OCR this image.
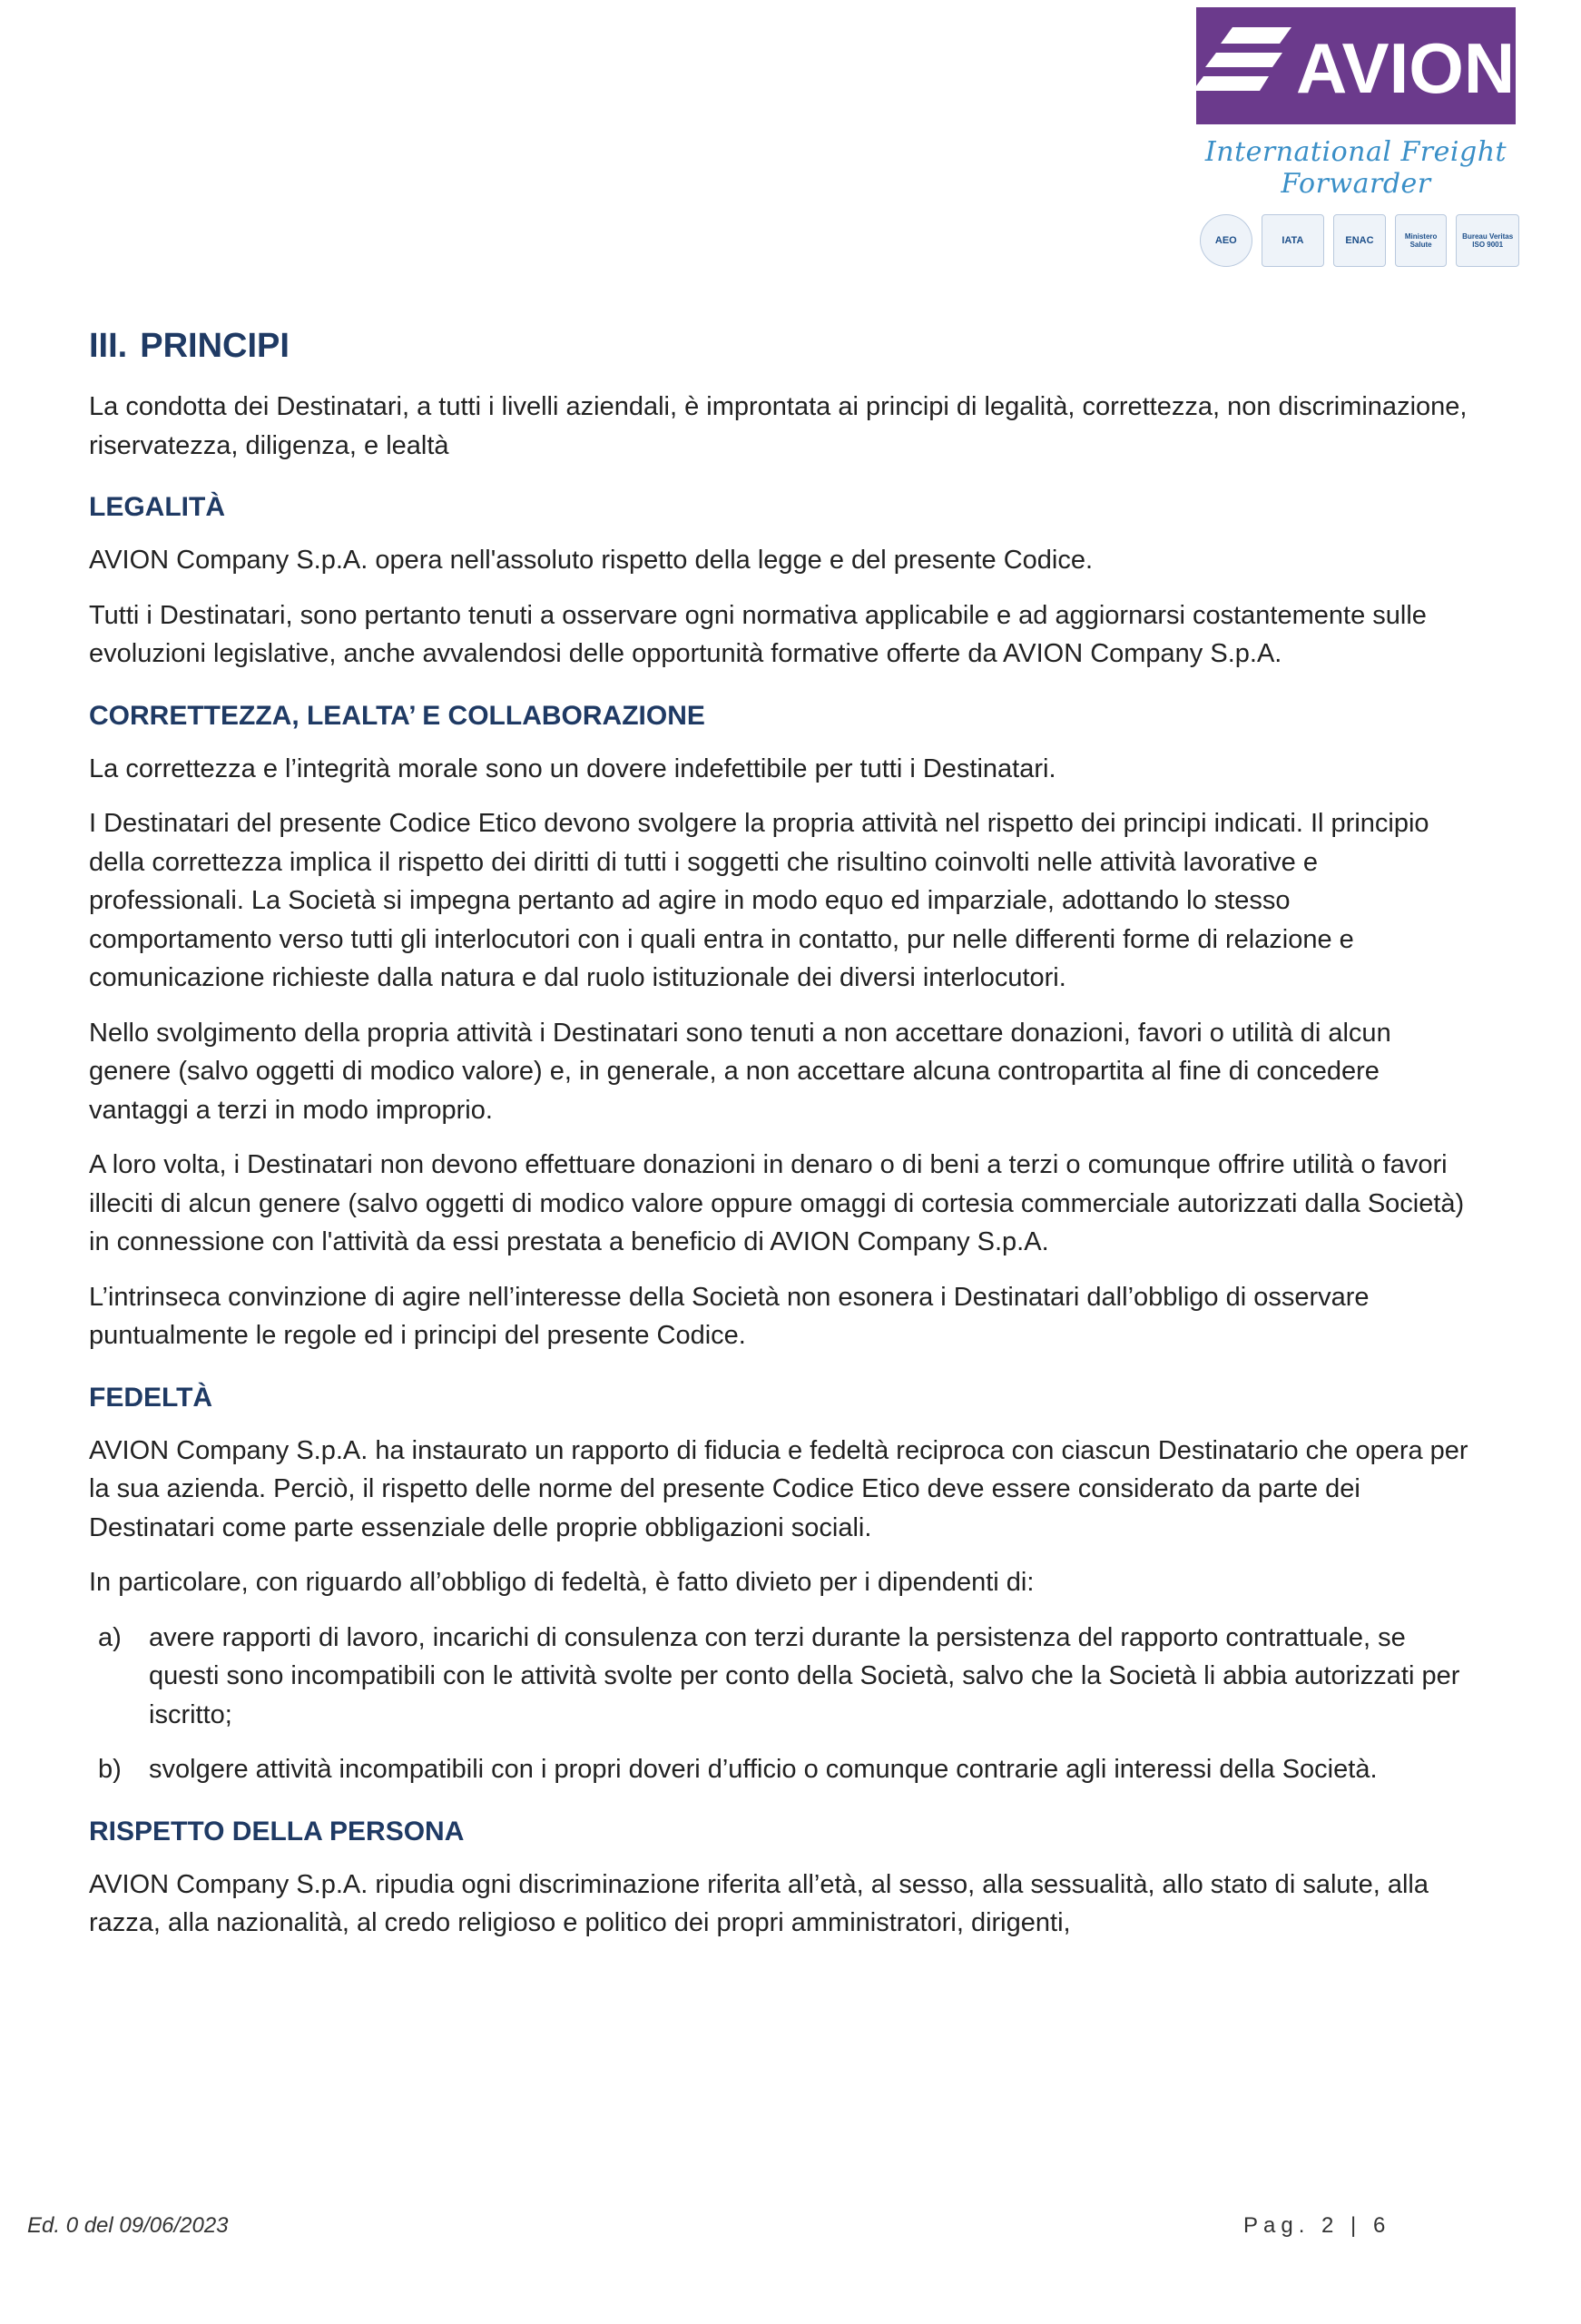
AVION
International Freight Forwarder
AEO	IATA	ENAC	Ministero Salute
Bureau Veritas ISO 9001
III. PRINCIPI

La condotta dei Destinatari, a tutti i livelli aziendali, è improntata ai principi di legalità, correttezza, non discriminazione, riservatezza, diligenza, e lealtà

LEGALITÀ

AVION Company S.p.A. opera nell'assoluto rispetto della legge e del presente Codice.

Tutti i Destinatari, sono pertanto tenuti a osservare ogni normativa applicabile e ad aggiornarsi costantemente sulle evoluzioni legislative, anche avvalendosi delle opportunità formative offerte da AVION Company S.p.A.

CORRETTEZZA, LEALTA’ E COLLABORAZIONE

La correttezza e l’integrità morale sono un dovere indefettibile per tutti i Destinatari.

I Destinatari del presente Codice Etico devono svolgere la propria attività nel rispetto dei principi indicati. Il principio della correttezza implica il rispetto dei diritti di tutti i soggetti che risultino coinvolti nelle attività lavorative e professionali. La Società si impegna pertanto ad agire in modo equo ed imparziale, adottando lo stesso comportamento verso tutti gli interlocutori con i quali entra in contatto, pur nelle differenti forme di relazione e comunicazione richieste dalla natura e dal ruolo istituzionale dei diversi interlocutori.

Nello svolgimento della propria attività i Destinatari sono tenuti a non accettare donazioni, favori o utilità di alcun genere (salvo oggetti di modico valore) e, in generale, a non accettare alcuna contropartita al fine di concedere vantaggi a terzi in modo improprio.

A loro volta, i Destinatari non devono effettuare donazioni in denaro o di beni a terzi o comunque offrire utilità o favori illeciti di alcun genere (salvo oggetti di modico valore oppure omaggi di cortesia commerciale autorizzati dalla Società) in connessione con l'attività da essi prestata a beneficio di AVION Company S.p.A.

L’intrinseca convinzione di agire nell’interesse della Società non esonera i Destinatari dall’obbligo di osservare puntualmente le regole ed i principi del presente Codice.

FEDELTÀ

AVION Company S.p.A. ha instaurato un rapporto di fiducia e fedeltà reciproca con ciascun Destinatario che opera per la sua azienda. Perciò, il rispetto delle norme del presente Codice Etico deve essere considerato da parte dei Destinatari come parte essenziale delle proprie obbligazioni sociali.

In particolare, con riguardo all’obbligo di fedeltà, è fatto divieto per i dipendenti di:

a)	avere rapporti di lavoro, incarichi di consulenza con terzi durante la persistenza del rapporto contrattuale, se questi sono incompatibili con le attività svolte per conto della Società, salvo che la Società li abbia autorizzati per iscritto;
b)	svolgere attività incompatibili con i propri doveri d’ufficio o comunque contrarie agli interessi della Società.
RISPETTO DELLA PERSONA

AVION Company S.p.A. ripudia ogni discriminazione riferita all’età, al sesso, alla sessualità, allo stato di salute, alla razza, alla nazionalità, al credo religioso e politico dei propri amministratori, dirigenti,

Ed. 0 del 09/06/2023	Pag. 2 | 6
